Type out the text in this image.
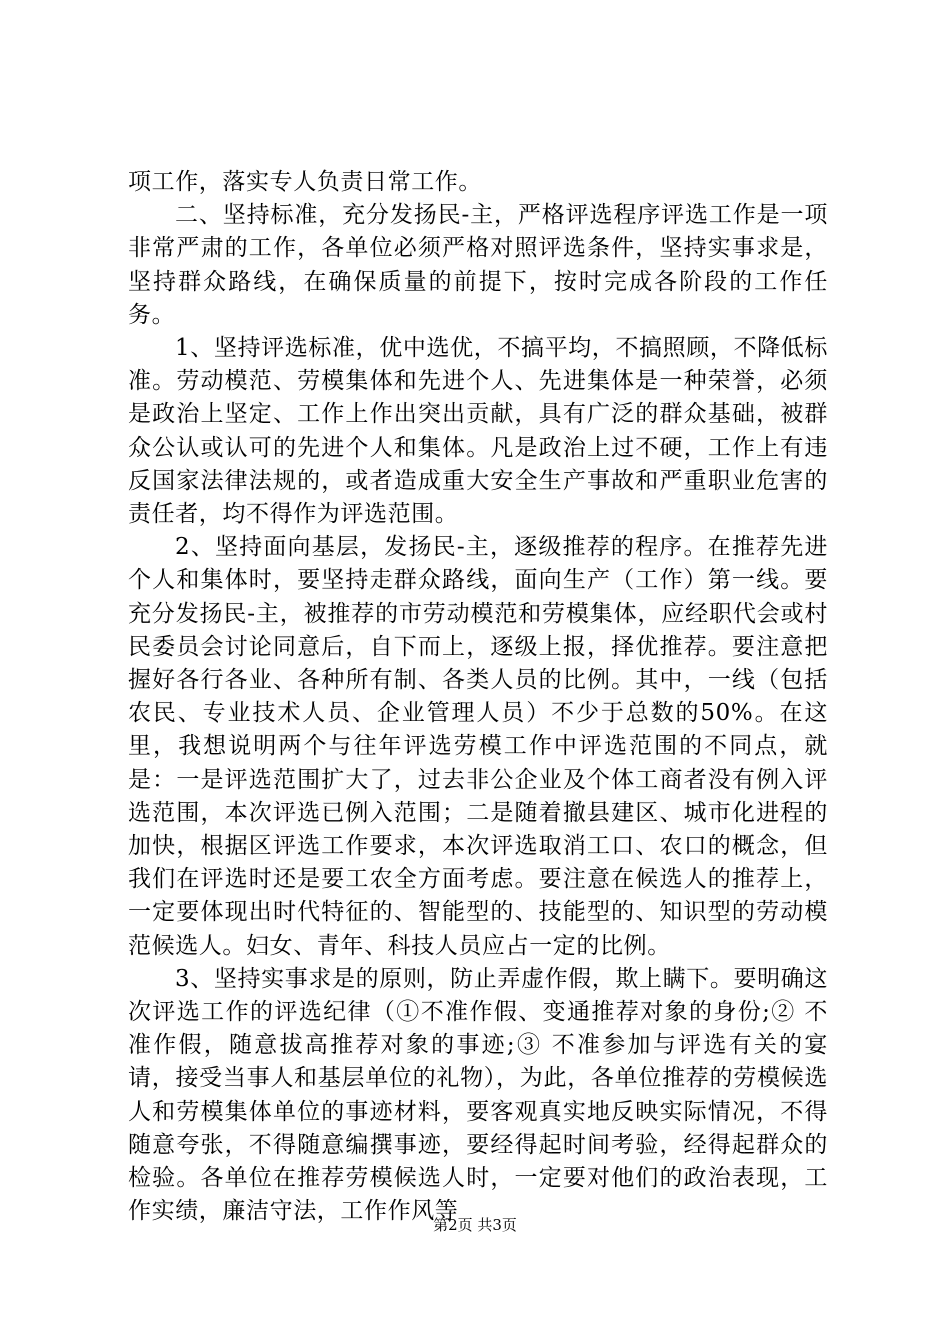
项工作，落实专人负责日常工作。

二、坚持标准，充分发扬民-主，严格评选程序评选工作是一项非常严肃的工作，各单位必须严格对照评选条件，坚持实事求是，坚持群众路线，在确保质量的前提下，按时完成各阶段的工作任务。

1、坚持评选标准，优中选优，不搞平均，不搞照顾，不降低标准。劳动模范、劳模集体和先进个人、先进集体是一种荣誉，必须是政治上坚定、工作上作出突出贡献，具有广泛的群众基础，被群众公认或认可的先进个人和集体。凡是政治上过不硬，工作上有违反国家法律法规的，或者造成重大安全生产事故和严重职业危害的责任者，均不得作为评选范围。

2、坚持面向基层，发扬民-主，逐级推荐的程序。在推荐先进个人和集体时，要坚持走群众路线，面向生产（工作）第一线。要充分发扬民-主，被推荐的市劳动模范和劳模集体，应经职代会或村民委员会讨论同意后，自下而上，逐级上报，择优推荐。要注意把握好各行各业、各种所有制、各类人员的比例。其中，一线（包括农民、专业技术人员、企业管理人员）不少于总数的50%。在这里，我想说明两个与往年评选劳模工作中评选范围的不同点，就是：一是评选范围扩大了，过去非公企业及个体工商者没有例入评选范围，本次评选已例入范围；二是随着撤县建区、城市化进程的加快，根据区评选工作要求，本次评选取消工口、农口的概念，但我们在评选时还是要工农全方面考虑。要注意在候选人的推荐上，一定要体现出时代特征的、智能型的、技能型的、知识型的劳动模范候选人。妇女、青年、科技人员应占一定的比例。

3、坚持实事求是的原则，防止弄虚作假，欺上瞒下。要明确这次评选工作的评选纪律（①不准作假、变通推荐对象的身份;② 不准作假，随意拔高推荐对象的事迹;③ 不准参加与评选有关的宴请，接受当事人和基层单位的礼物），为此，各单位推荐的劳模候选人和劳模集体单位的事迹材料，要客观真实地反映实际情况，不得随意夸张，不得随意编撰事迹，要经得起时间考验，经得起群众的检验。各单位在推荐劳模候选人时，一定要对他们的政治表现，工作实绩，廉洁守法，工作作风等

第2页 共3页
